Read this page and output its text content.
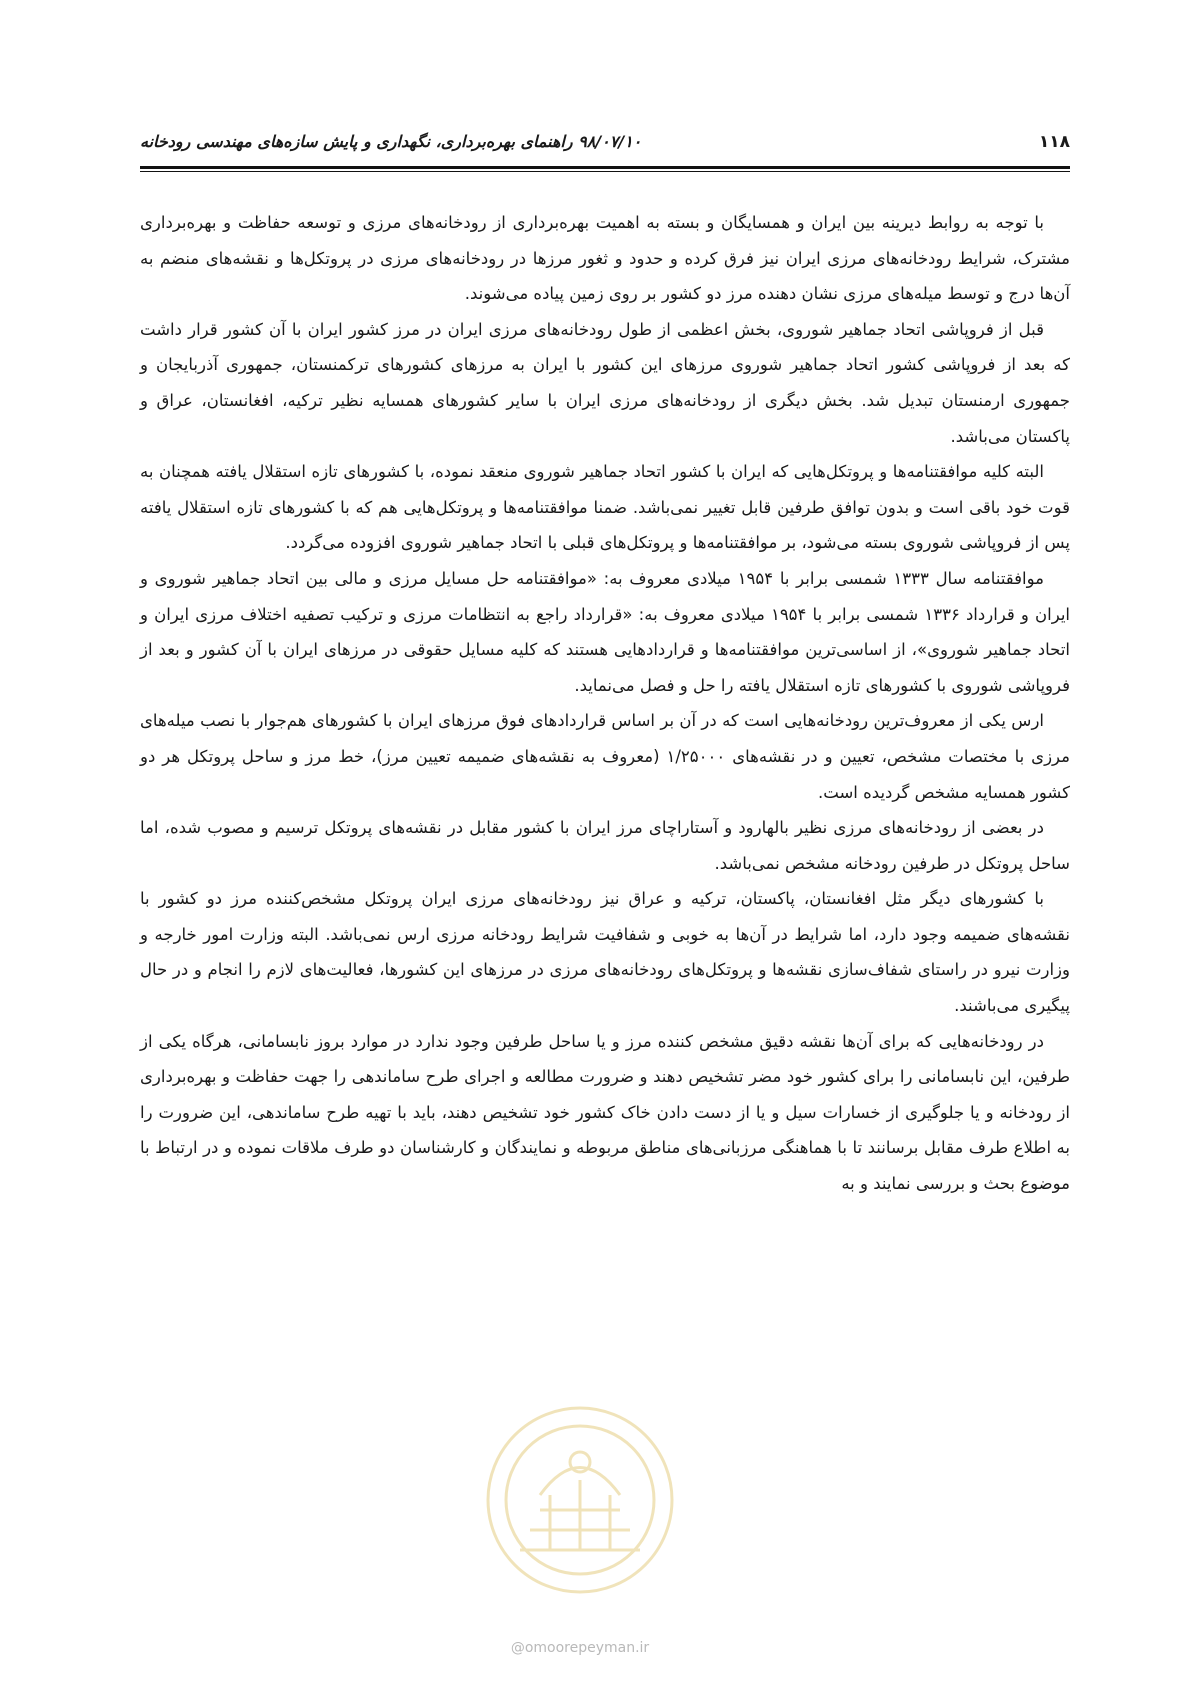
۱۱۸
۹۸/۰۷/۱۰ راهنمای بهره‌برداری، نگهداری و پایش سازه‌های مهندسی رودخانه

با توجه به روابط دیرینه بین ایران و همسایگان و بسته به اهمیت بهره‌برداری از رودخانه‌های مرزی و توسعه حفاظت و بهره‌برداری مشترک، شرایط رودخانه‌های مرزی ایران نیز فرق کرده و حدود و ثغور مرزها در رودخانه‌های مرزی در پروتکل‌ها و نقشه‌های منضم به آن‌ها درج و توسط میله‌های مرزی نشان دهنده مرز دو کشور بر روی زمین پیاده می‌شوند.

قبل از فروپاشی اتحاد جماهیر شوروی، بخش اعظمی از طول رودخانه‌های مرزی ایران در مرز کشور ایران با آن کشور قرار داشت که بعد از فروپاشی کشور اتحاد جماهیر شوروی مرزهای این کشور با ایران به مرزهای کشورهای ترکمنستان، جمهوری آذربایجان و جمهوری ارمنستان تبدیل شد. بخش دیگری از رودخانه‌های مرزی ایران با سایر کشورهای همسایه نظیر ترکیه، افغانستان، عراق و پاکستان می‌باشد.

البته کلیه موافقتنامه‌ها و پروتکل‌هایی که ایران با کشور اتحاد جماهیر شوروی منعقد نموده، با کشورهای تازه استقلال یافته همچنان به قوت خود باقی است و بدون توافق طرفین قابل تغییر نمی‌باشد. ضمنا موافقتنامه‌ها و پروتکل‌هایی هم که با کشورهای تازه استقلال یافته پس از فروپاشی شوروی بسته می‌شود، بر موافقتنامه‌ها و پروتکل‌های قبلی با اتحاد جماهیر شوروی افزوده می‌گردد.

موافقتنامه سال ۱۳۳۳ شمسی برابر با ۱۹۵۴ میلادی معروف به: «موافقتنامه حل مسایل مرزی و مالی بین اتحاد جماهیر شوروی و ایران و قرارداد ۱۳۳۶ شمسی برابر با ۱۹۵۴ میلادی معروف به: «قرارداد راجع به انتظامات مرزی و ترکیب تصفیه اختلاف مرزی ایران و اتحاد جماهیر شوروی»، از اساسی‌ترین موافقتنامه‌ها و قراردادهایی هستند که کلیه مسایل حقوقی در مرزهای ایران با آن کشور و بعد از فروپاشی شوروی با کشورهای تازه استقلال یافته را حل و فصل می‌نماید.

ارس یکی از معروف‌ترین رودخانه‌هایی است که در آن بر اساس قراردادهای فوق مرزهای ایران با کشورهای هم‌جوار با نصب میله‌های مرزی با مختصات مشخص، تعیین و در نقشه‌های ۱/۲۵۰۰۰ (معروف به نقشه‌های ضمیمه تعیین مرز)، خط مرز و ساحل پروتکل هر دو کشور همسایه مشخص گردیده است.

در بعضی از رودخانه‌های مرزی نظیر بالهارود و آستاراچای مرز ایران با کشور مقابل در نقشه‌های پروتکل ترسیم و مصوب شده، اما ساحل پروتکل در طرفین رودخانه مشخص نمی‌باشد.

با کشورهای دیگر مثل افغانستان، پاکستان، ترکیه و عراق نیز رودخانه‌های مرزی ایران پروتکل مشخص‌کننده مرز دو کشور با نقشه‌های ضمیمه وجود دارد، اما شرایط در آن‌ها به خوبی و شفافیت شرایط رودخانه مرزی ارس نمی‌باشد. البته وزارت امور خارجه و وزارت نیرو در راستای شفاف‌سازی نقشه‌ها و پروتکل‌های رودخانه‌های مرزی در مرزهای این کشورها، فعالیت‌های لازم را انجام و در حال پیگیری می‌باشند.

در رودخانه‌هایی که برای آن‌ها نقشه دقیق مشخص کننده مرز و یا ساحل طرفین وجود ندارد در موارد بروز نابسامانی، هرگاه یکی از طرفین، این نابسامانی را برای کشور خود مضر تشخیص دهند و ضرورت مطالعه و اجرای طرح ساماندهی را جهت حفاظت و بهره‌برداری از رودخانه و یا جلوگیری از خسارات سیل و یا از دست دادن خاک کشور خود تشخیص دهند، باید با تهیه طرح ساماندهی، این ضرورت را به اطلاع طرف مقابل برسانند تا با هماهنگی مرزبانی‌های مناطق مربوطه و نمایندگان و کارشناسان دو طرف ملاقات نموده و در ارتباط با موضوع بحث و بررسی نمایند و به

@omoorepeyman.ir
